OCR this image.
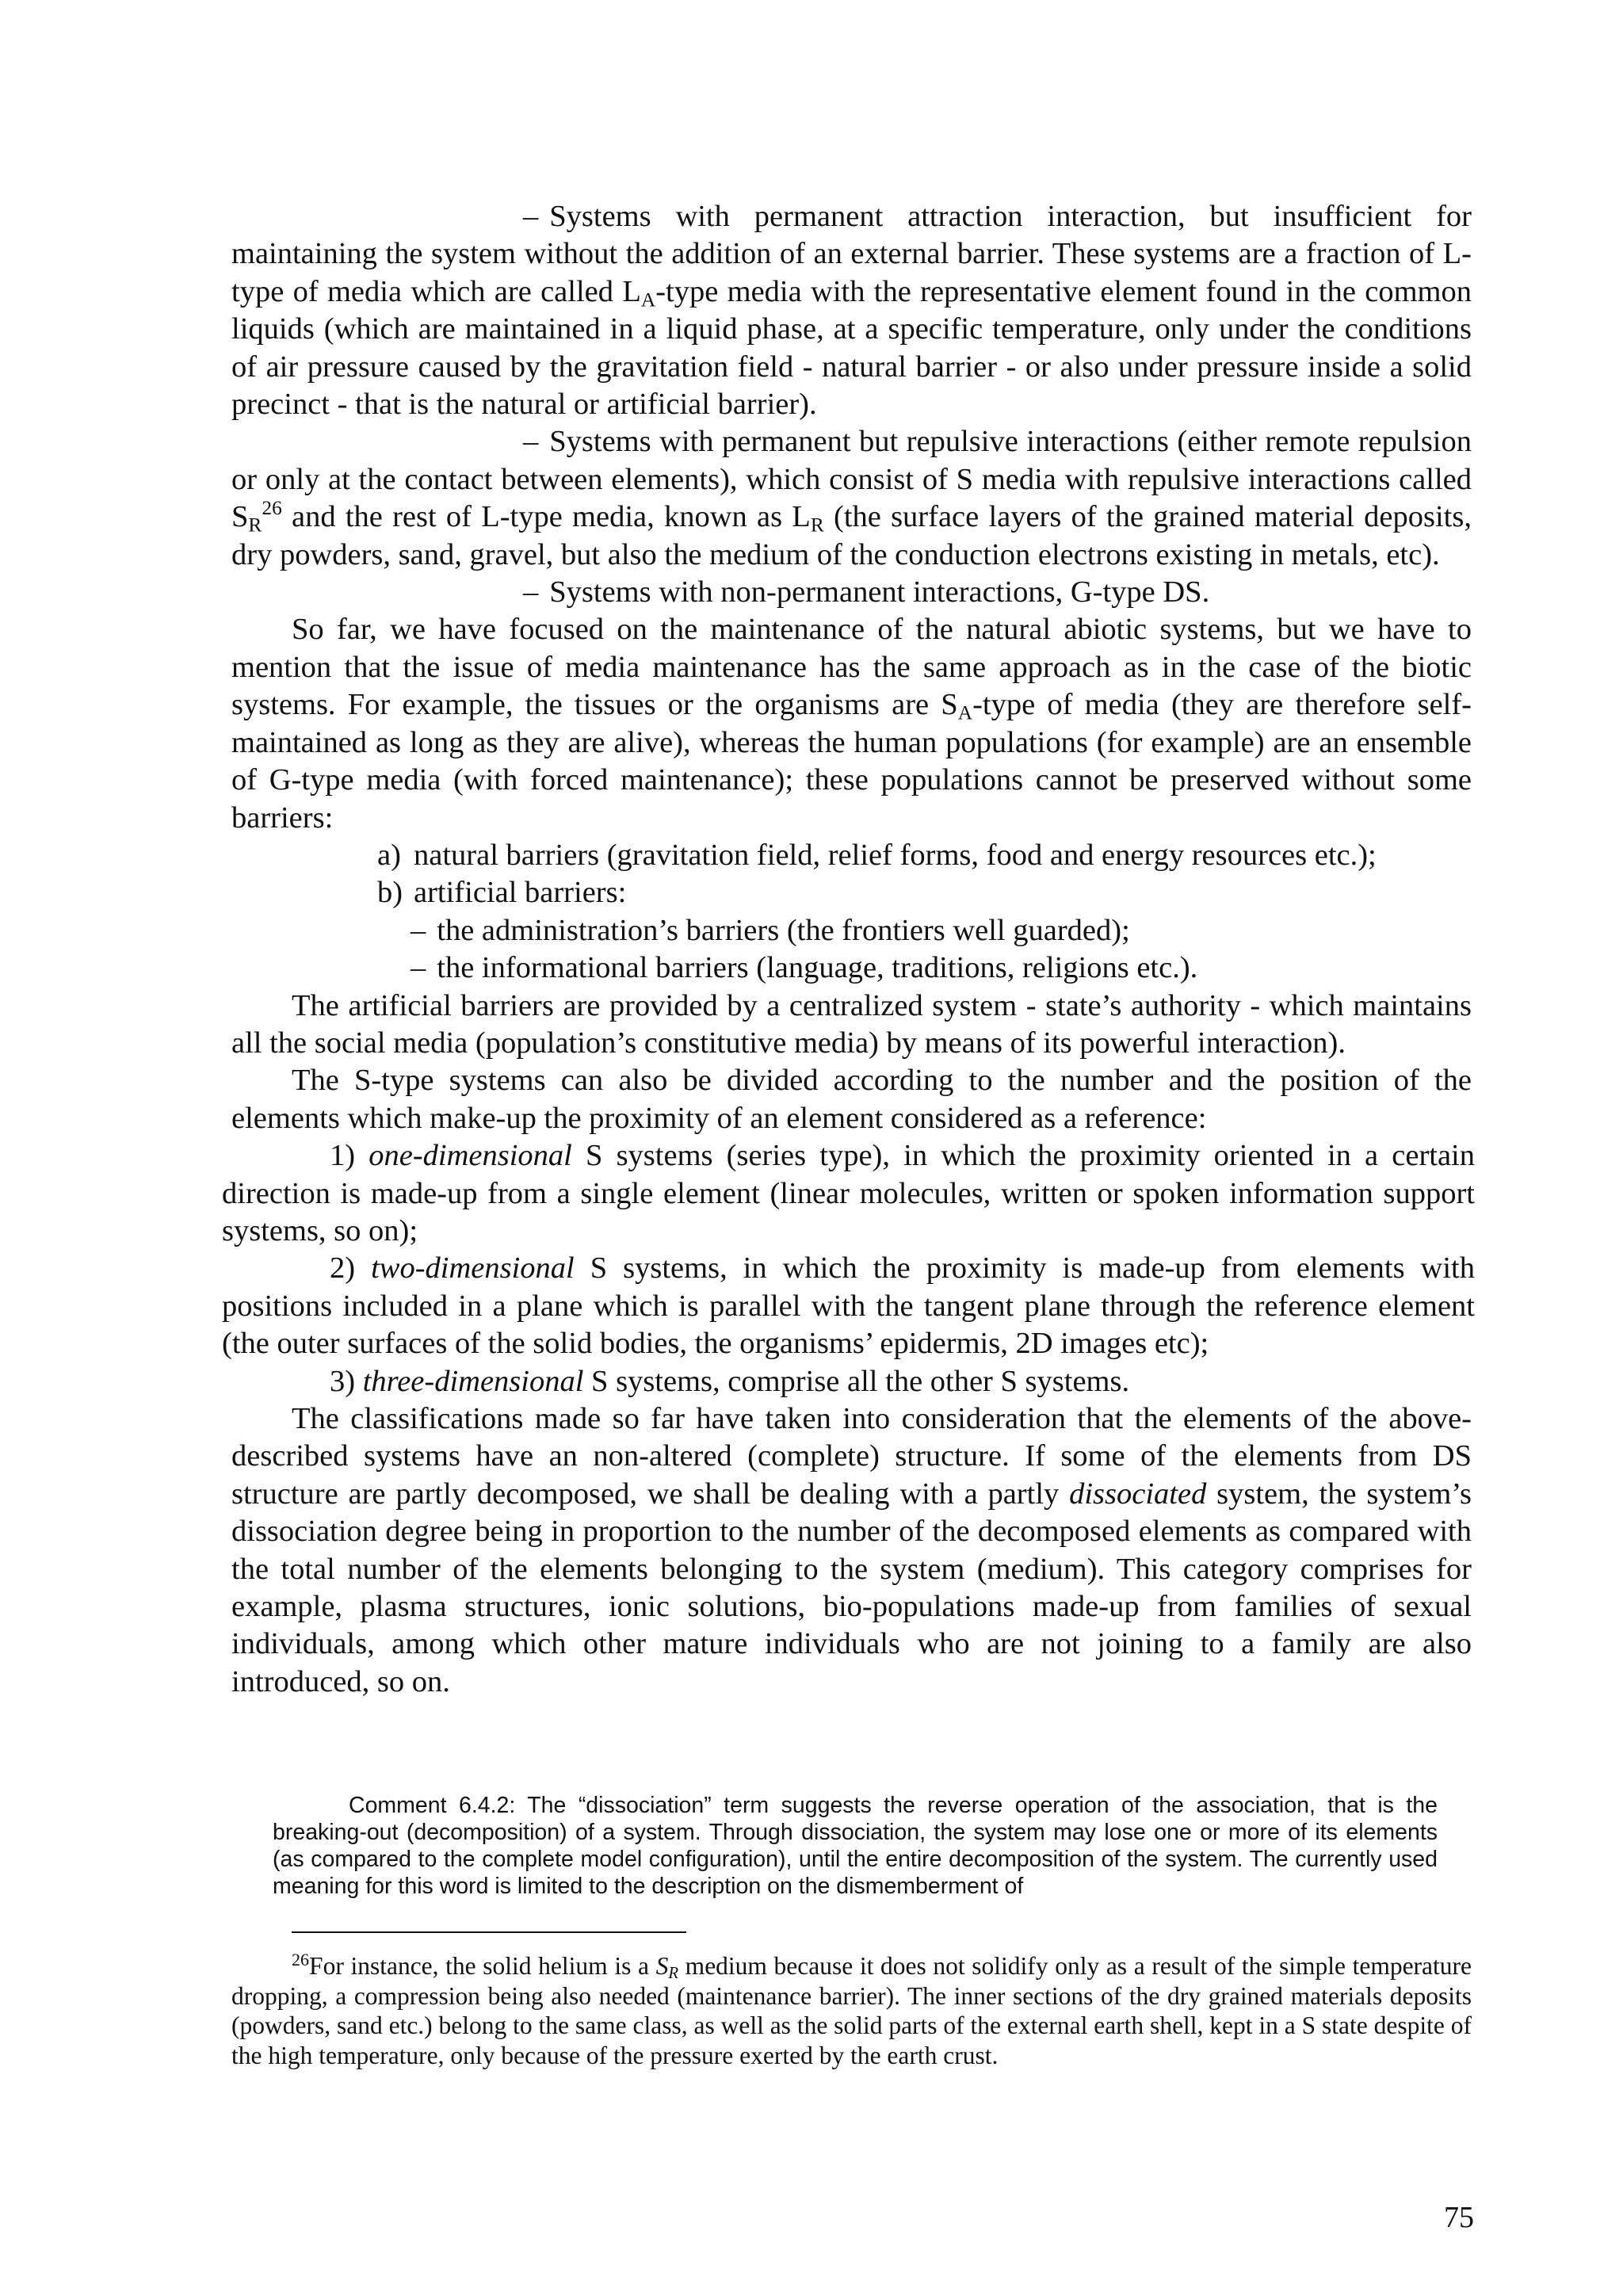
– Systems with permanent attraction interaction, but insufficient for maintaining the system without the addition of an external barrier. These systems are a fraction of L-type of media which are called $L_A$-type media with the representative element found in the common liquids (which are maintained in a liquid phase, at a specific temperature, only under the conditions of air pressure caused by the gravitation field - natural barrier - or also under pressure inside a solid precinct - that is the natural or artificial barrier).

– Systems with permanent but repulsive interactions (either remote repulsion or only at the contact between elements), which consist of S media with repulsive interactions called $S_R^{26}$ and the rest of L-type media, known as $L_R$ (the surface layers of the grained material deposits, dry powders, sand, gravel, but also the medium of the conduction electrons existing in metals, etc).

– Systems with non-permanent interactions, G-type DS.

So far, we have focused on the maintenance of the natural abiotic systems, but we have to mention that the issue of media maintenance has the same approach as in the case of the biotic systems. For example, the tissues or the organisms are $S_A$-type of media (they are therefore self-maintained as long as they are alive), whereas the human populations (for example) are an ensemble of G-type media (with forced maintenance); these populations cannot be preserved without some barriers:

a) natural barriers (gravitation field, relief forms, food and energy resources etc.);

b) artificial barriers:

– the administration’s barriers (the frontiers well guarded);

– the informational barriers (language, traditions, religions etc.).

The artificial barriers are provided by a centralized system - state’s authority - which maintains all the social media (population’s constitutive media) by means of its powerful interaction).

The S-type systems can also be divided according to the number and the position of the elements which make-up the proximity of an element considered as a reference:

1) one-dimensional S systems (series type), in which the proximity oriented in a certain direction is made-up from a single element (linear molecules, written or spoken information support systems, so on);

2) two-dimensional S systems, in which the proximity is made-up from elements with positions included in a plane which is parallel with the tangent plane through the reference element (the outer surfaces of the solid bodies, the organisms’ epidermis, 2D images etc);

3) three-dimensional S systems, comprise all the other S systems.

The classifications made so far have taken into consideration that the elements of the above-described systems have an non-altered (complete) structure. If some of the elements from DS structure are partly decomposed, we shall be dealing with a partly dissociated system, the system’s dissociation degree being in proportion to the number of the decomposed elements as compared with the total number of the elements belonging to the system (medium). This category comprises for example, plasma structures, ionic solutions, bio-populations made-up from families of sexual individuals, among which other mature individuals who are not joining to a family are also introduced, so on.

Comment 6.4.2: The “dissociation” term suggests the reverse operation of the association, that is the breaking-out (decomposition) of a system. Through dissociation, the system may lose one or more of its elements (as compared to the complete model configuration), until the entire decomposition of the system. The currently used meaning for this word is limited to the description on the dismemberment of

$^{26}$For instance, the solid helium is a $S_R$ medium because it does not solidify only as a result of the simple temperature dropping, a compression being also needed (maintenance barrier). The inner sections of the dry grained materials deposits (powders, sand etc.) belong to the same class, as well as the solid parts of the external earth shell, kept in a S state despite of the high temperature, only because of the pressure exerted by the earth crust.

75
